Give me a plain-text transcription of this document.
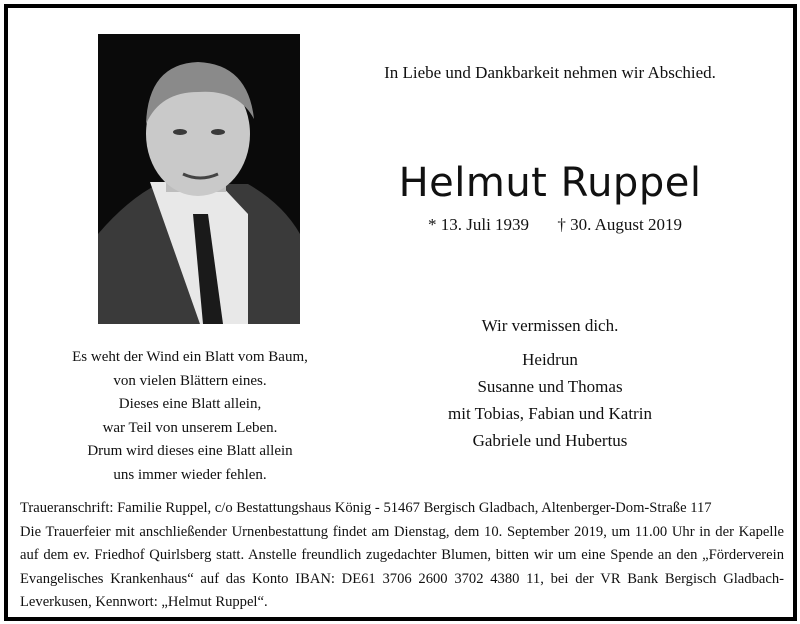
In Liebe und Dankbarkeit nehmen wir Abschied.
Helmut Ruppel
* 13. Juli 1939 † 30. August 2019
Wir vermissen dich.
Heidrun
Susanne und Thomas
mit Tobias, Fabian und Katrin
Gabriele und Hubertus
Es weht der Wind ein Blatt vom Baum,
von vielen Blättern eines.
Dieses eine Blatt allein,
war Teil von unserem Leben.
Drum wird dieses eine Blatt allein
uns immer wieder fehlen.

Traueranschrift: Familie Ruppel, c/o Bestattungshaus König - 51467 Bergisch Gladbach, Altenberger-Dom-Straße 117

Die Trauerfeier mit anschließender Urnenbestattung findet am Dienstag, dem 10. September 2019, um 11.00 Uhr in der Kapelle auf dem ev. Friedhof Quirlsberg statt. Anstelle freundlich zugedachter Blumen, bitten wir um eine Spende an den „Förderverein Evangelisches Krankenhaus“ auf das Konto IBAN: DE61 3706 2600 3702 4380 11, bei der VR Bank Bergisch Gladbach-Leverkusen, Kennwort: „Helmut Ruppel“.
